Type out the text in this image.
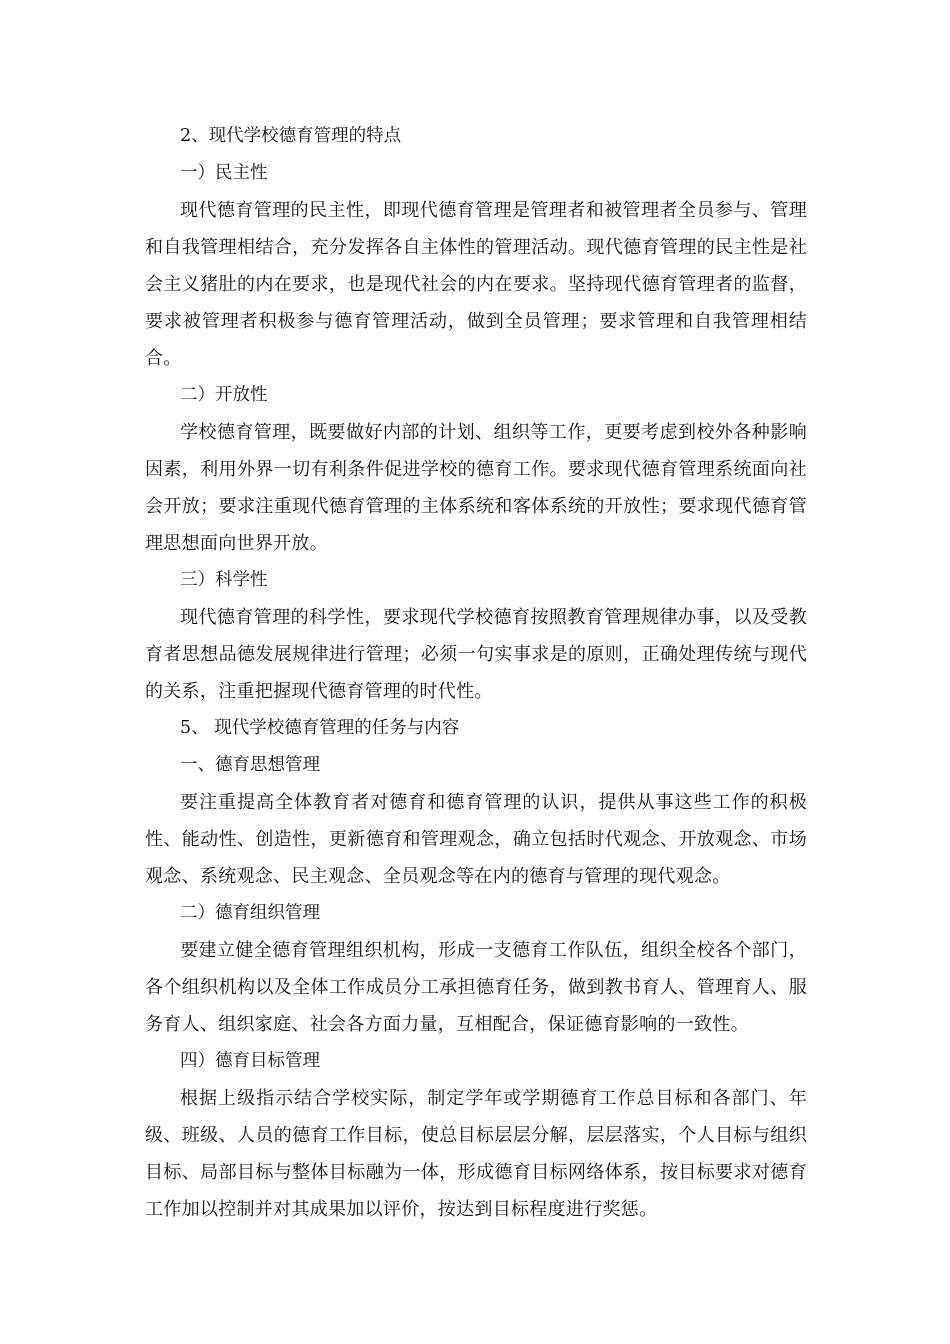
2、现代学校德育管理的特点
一）民主性

现代德育管理的民主性，即现代德育管理是管理者和被管理者全员参与、管理和自我管理相结合，充分发挥各自主体性的管理活动。现代德育管理的民主性是社会主义猪肚的内在要求，也是现代社会的内在要求。坚持现代德育管理者的监督，要求被管理者积极参与德育管理活动，做到全员管理；要求管理和自我管理相结合。

二）开放性

学校德育管理，既要做好内部的计划、组织等工作，更要考虑到校外各种影响因素，利用外界一切有利条件促进学校的德育工作。要求现代德育管理系统面向社会开放；要求注重现代德育管理的主体系统和客体系统的开放性；要求现代德育管理思想面向世界开放。

三）科学性

现代德育管理的科学性，要求现代学校德育按照教育管理规律办事，以及受教育者思想品德发展规律进行管理；必须一句实事求是的原则，正确处理传统与现代的关系，注重把握现代德育管理的时代性。

5、 现代学校德育管理的任务与内容
一、德育思想管理

要注重提高全体教育者对德育和德育管理的认识，提供从事这些工作的积极性、能动性、创造性，更新德育和管理观念，确立包括时代观念、开放观念、市场观念、系统观念、民主观念、全员观念等在内的德育与管理的现代观念。

二）德育组织管理

要建立健全德育管理组织机构，形成一支德育工作队伍，组织全校各个部门，各个组织机构以及全体工作成员分工承担德育任务，做到教书育人、管理育人、服务育人、组织家庭、社会各方面力量，互相配合，保证德育影响的一致性。

四）德育目标管理

根据上级指示结合学校实际，制定学年或学期德育工作总目标和各部门、年级、班级、人员的德育工作目标，使总目标层层分解，层层落实，个人目标与组织目标、局部目标与整体目标融为一体，形成德育目标网络体系，按目标要求对德育工作加以控制并对其成果加以评价，按达到目标程度进行奖惩。
